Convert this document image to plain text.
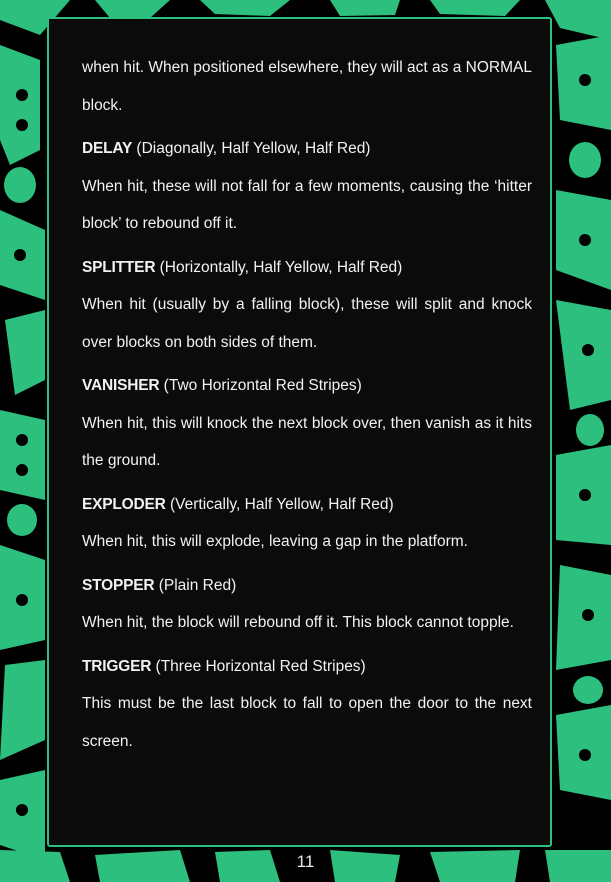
when hit. When positioned elsewhere, they will act as a NORMAL block.

DELAY (Diagonally, Half Yellow, Half Red)

When hit, these will not fall for a few moments, causing the ‘hitter block’ to rebound off it.

SPLITTER (Horizontally, Half Yellow, Half Red)

When hit (usually by a falling block), these will split and knock over blocks on both sides of them.

VANISHER (Two Horizontal Red Stripes)

When hit, this will knock the next block over, then vanish as it hits the ground.

EXPLODER (Vertically, Half Yellow, Half Red)

When hit, this will explode, leaving a gap in the platform.

STOPPER (Plain Red)

When hit, the block will rebound off it. This block cannot topple.

TRIGGER (Three Horizontal Red Stripes)

This must be the last block to fall to open the door to the next screen.

11
